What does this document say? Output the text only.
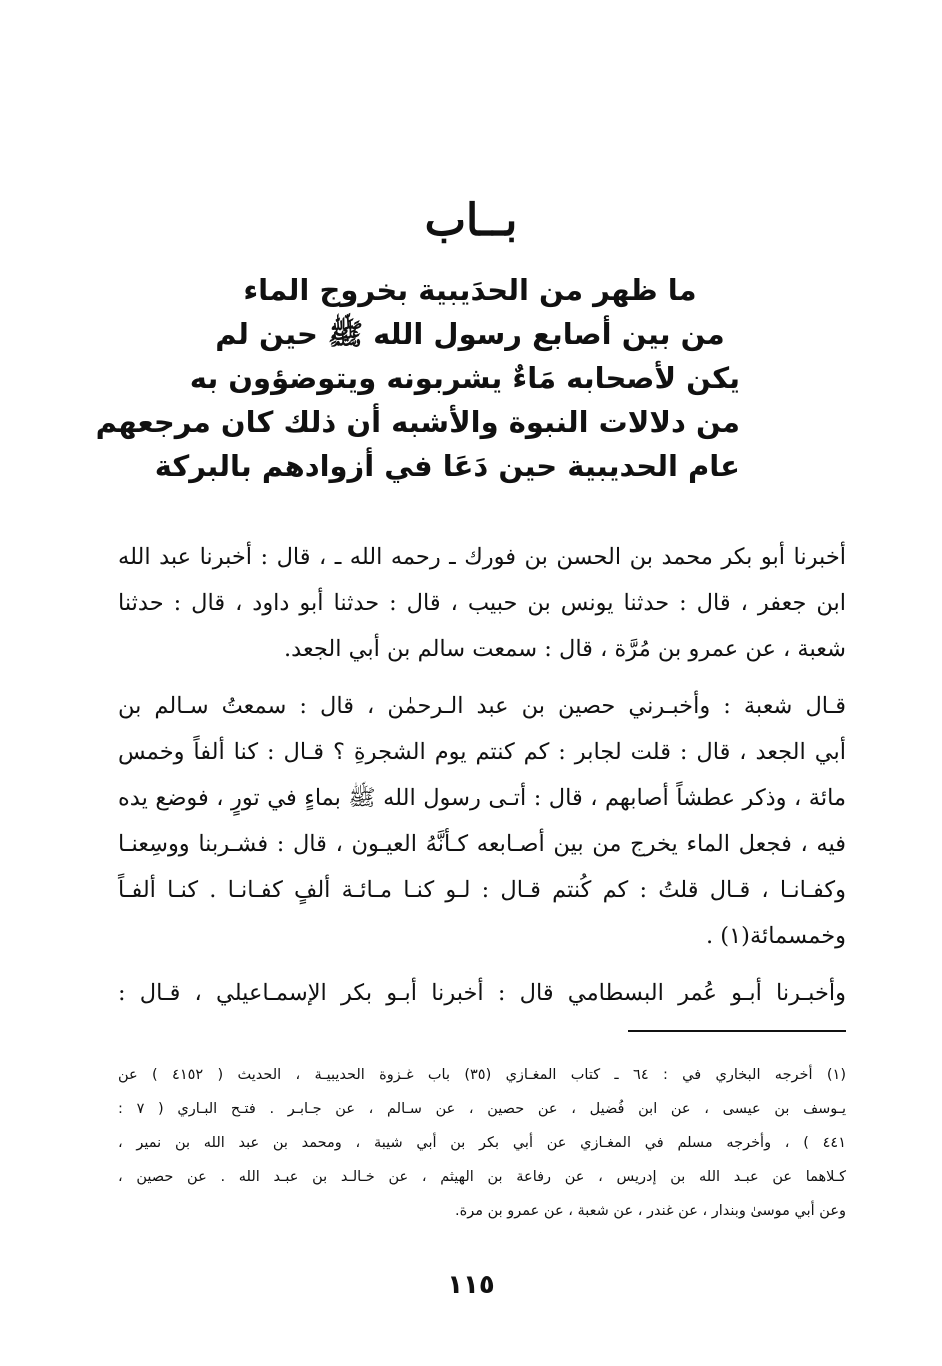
بــاب
ما ظهر من الحدَيبية بخروج الماء
من بين أصابع رسول الله ﷺ حين لم
يكن لأصحابه مَاءٌ يشربونه ويتوضؤون به
من دلالات النبوة والأشبه أن ذلك كان مرجعهم
عام الحديبية حين دَعَا في أزوادهم بالبركة
أخبرنا أبو بكر محمد بن الحسن بن فورك ـ رحمه الله ـ ، قال : أخبرنا عبد الله
ابن جعفر ، قال : حدثنا يونس بن حبيب ، قال : حدثنا أبو داود ، قال : حدثنا
شعبة ، عن عمرو بن مُرَّة ، قال : سمعت سالم بن أبي الجعد.
قـال شعبة : وأخبـرني حصين بن عبد الـرحمٰن ، قال : سمعتُ سـالم بن
أبي الجعد ، قال : قلت لجابر : كم كنتم يوم الشجرةِ ؟ قـال : كنا ألفاً وخمس
مائة ، وذكر عطشاً أصابهم ، قال : أتـى رسول الله ﷺ بماءٍ في تورٍ ، فوضع يده
فيه ، فجعل الماء يخرج من بين أصـابعه كـأنَّهُ العيـون ، قال : فشـربنا ووسِعنـا
وكفـانـا ، قـال قلتُ : كم كُنتم قـال : لـو كنـا مـائـة ألفٍ كفـانـا . كنـا ألفـاً
وخمسمائة(١) .
وأخبـرنا أبـو عُمر البسطامي قال : أخبرنا أبـو بكر الإسمـاعيلي ، قـال :
(١) أخرجه البخاري في : ٦٤ ـ كتاب المغـازي (٣٥) باب غـزوة الحديبيـة ، الحديث ( ٤١٥٢ ) عن
يـوسف بن عيسى ، عن ابن فُضيل ، عن حصين ، عن سـالم ، عن جـابـر . فتـح البـاري ( ٧ :
٤٤١ ) ، وأخرجه مسلم في المغـازي عن أبي بكر بن أبي شيبة ، ومحمد بن عبد الله بن نمير ،
كـلاهما عن عبـد الله بن إدريس ، عن رفاعة بن الهيثم ، عن خـالـد بن عبـد الله . عن حصين ،
وعن أبي موسىٰ وبندار ، عن غندر ، عن شعبة ، عن عمرو بن مرة.
١١٥
